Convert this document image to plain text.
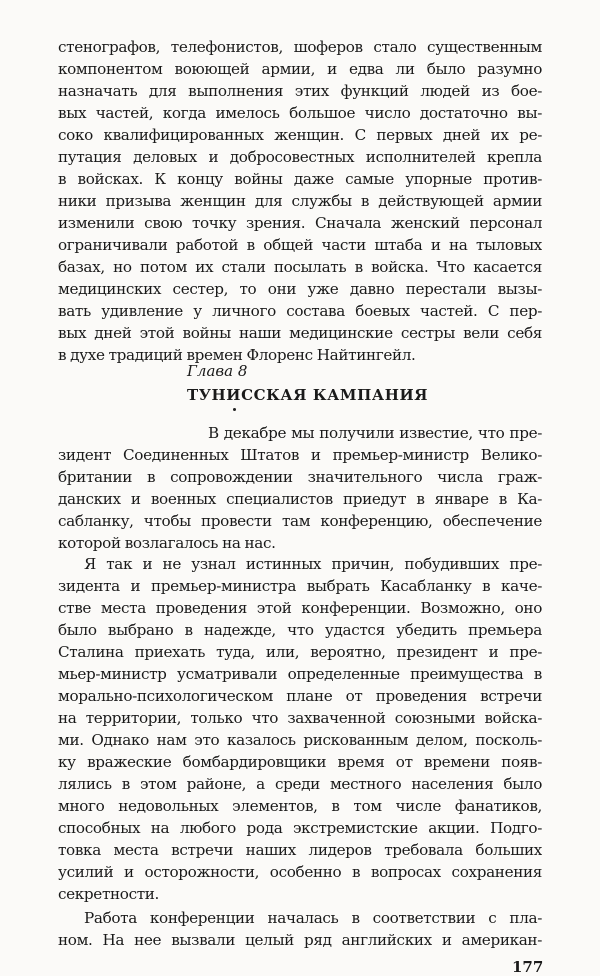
стенографов, телефонистов, шоферов стало существенным
компонентом воюющей армии, и едва ли было разумно
назначать для выполнения этих функций людей из бое-
вых частей, когда имелось большое число достаточно вы-
соко квалифицированных женщин. С первых дней их ре-
путация деловых и добросовестных исполнителей крепла
в войсках. К концу войны даже самые упорные против-
ники призыва женщин для службы в действующей армии
изменили свою точку зрения. Сначала женский персонал
ограничивали работой в общей части штаба и на тыловых
базах, но потом их стали посылать в войска. Что касается
медицинских сестер, то они уже давно перестали вызы-
вать удивление у личного состава боевых частей. С пер-
вых дней этой войны наши медицинские сестры вели себя
в духе традиций времен Флоренс Найтингейл.
Глава 8
ТУНИССКАЯ КАМПАНИЯ
В декабре мы получили известие, что пре-
зидент Соединенных Штатов и премьер-министр Велико-
британии в сопровождении значительного числа граж-
данских и военных специалистов приедут в январе в Ка-
сабланку, чтобы провести там конференцию, обеспечение
которой возлагалось на нас.
Я так и не узнал истинных причин, побудивших пре-
зидента и премьер-министра выбрать Касабланку в каче-
стве места проведения этой конференции. Возможно, оно
было выбрано в надежде, что удастся убедить премьера
Сталина приехать туда, или, вероятно, президент и пре-
мьер-министр усматривали определенные преимущества в
морально-психологическом плане от проведения встречи
на территории, только что захваченной союзными войска-
ми. Однако нам это казалось рискованным делом, посколь-
ку вражеские бомбардировщики время от времени появ-
лялись в этом районе, а среди местного населения было
много недовольных элементов, в том числе фанатиков,
способных на любого рода экстремистские акции. Подго-
товка места встречи наших лидеров требовала больших
усилий и осторожности, особенно в вопросах сохранения
секретности.
Работа конференции началась в соответствии с пла-
ном. На нее вызвали целый ряд английских и американ-
177
